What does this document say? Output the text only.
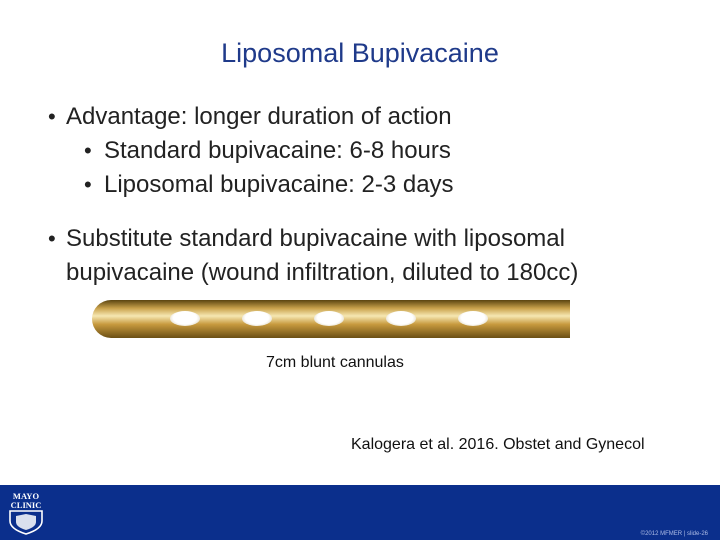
Liposomal Bupivacaine
• Advantage: longer duration of action
• Standard bupivacaine: 6-8 hours
• Liposomal bupivacaine: 2-3 days
• Substitute standard bupivacaine with liposomal
bupivacaine (wound infiltration, diluted to 180cc)
7cm blunt cannulas
Kalogera et al. 2016. Obstet and Gynecol
MAYO
CLINIC
©2012 MFMER | slide-26
